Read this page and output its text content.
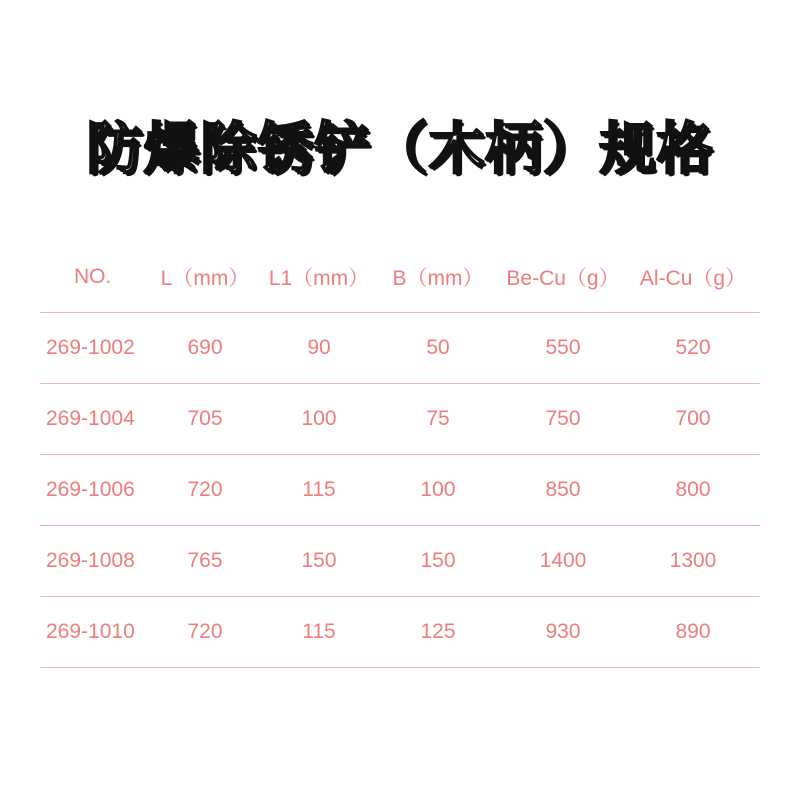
防爆除锈铲（木柄）规格
NO.	L（mm）	L1（mm）	B（mm）	Be-Cu（g）	Al-Cu（g）
269-1002	690	90	50	550	520
269-1004	705	100	75	750	700
269-1006	720	115	100	850	800
269-1008	765	150	150	1400	1300
269-1010	720	115	125	930	890
